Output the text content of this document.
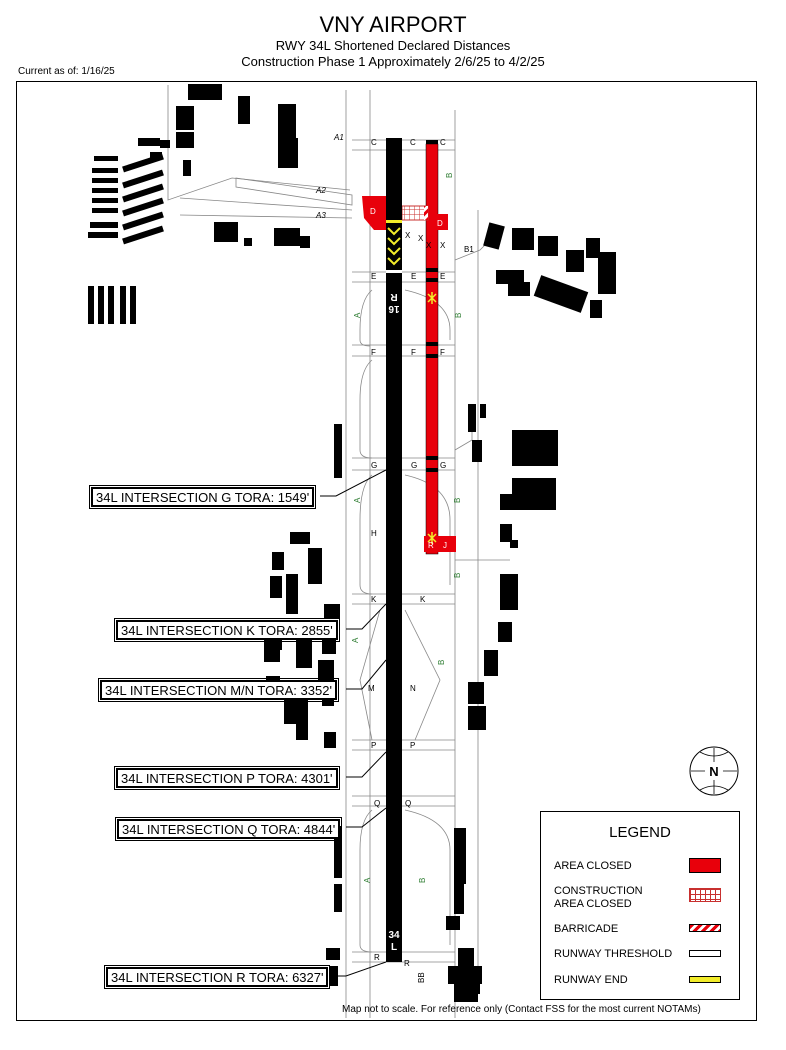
VNY AIRPORT
RWY 34L Shortened Declared Distances
Construction Phase 1 Approximately 2/6/25 to 4/2/25
Current as of: 1/16/25
R
16
34
L
A1
A2
A3
C	C	C
D
D
X X
X X B1
E	E	E
F	F	F
G	G	G
H
R J
K	K
M	N
P	P
Q	Q
R
R
BB
B
A	B
A	B
B
A
B
A	B
N
34L INTERSECTION G TORA: 1549'
34L INTERSECTION K TORA: 2855'
34L INTERSECTION M/N TORA: 3352'
34L INTERSECTION P TORA: 4301'
34L INTERSECTION Q TORA: 4844'
34L INTERSECTION R TORA: 6327'
LEGEND
AREA CLOSED
CONSTRUCTION AREA CLOSED
BARRICADE
RUNWAY THRESHOLD
RUNWAY END
Map not to scale. For reference only (Contact FSS for the most current NOTAMs)
